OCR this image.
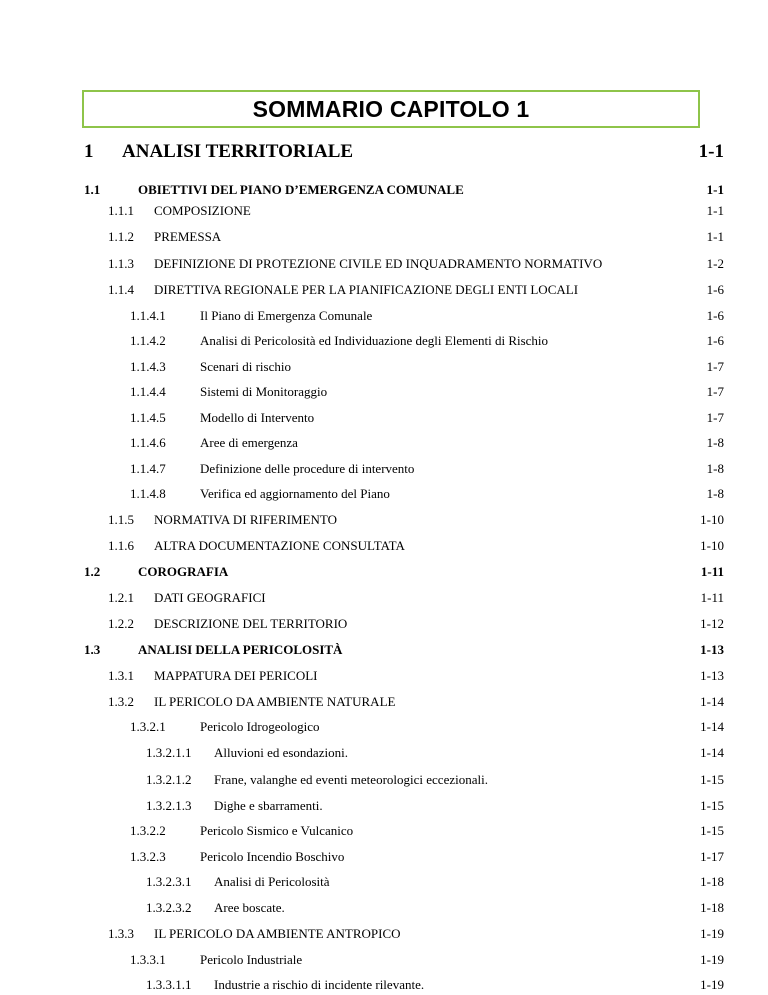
SOMMARIO CAPITOLO 1
1 ANALISI TERRITORIALE	1-1
1.1	OBIETTIVI DEL PIANO D’EMERGENZA COMUNALE	1-1
1.1.1 COMPOSIZIONE	1-1
1.1.2 PREMESSA	1-1
1.1.3 DEFINIZIONE DI PROTEZIONE CIVILE ED INQUADRAMENTO NORMATIVO	1-2
1.1.4 DIRETTIVA REGIONALE PER LA PIANIFICAZIONE DEGLI ENTI LOCALI	1-6
1.1.4.1	Il Piano di Emergenza Comunale	1-6
1.1.4.2	Analisi di Pericolosità ed Individuazione degli Elementi di Rischio	1-6
1.1.4.3	Scenari di rischio	1-7
1.1.4.4	Sistemi di Monitoraggio	1-7
1.1.4.5	Modello di Intervento	1-7
1.1.4.6	Aree di emergenza	1-8
1.1.4.7	Definizione delle procedure di intervento	1-8
1.1.4.8	Verifica ed aggiornamento del Piano	1-8
1.1.5 NORMATIVA DI RIFERIMENTO	1-10
1.1.6 ALTRA DOCUMENTAZIONE CONSULTATA	1-10
1.2	COROGRAFIA	1-11
1.2.1 DATI GEOGRAFICI	1-11
1.2.2 DESCRIZIONE DEL TERRITORIO	1-12
1.3	ANALISI DELLA PERICOLOSITÀ	1-13
1.3.1 MAPPATURA DEI PERICOLI	1-13
1.3.2 IL PERICOLO DA AMBIENTE NATURALE	1-14
1.3.2.1	Pericolo Idrogeologico	1-14
1.3.2.1.1 Alluvioni ed esondazioni.	1-14
1.3.2.1.2 Frane, valanghe ed eventi meteorologici eccezionali.	1-15
1.3.2.1.3 Dighe e sbarramenti.	1-15
1.3.2.2	Pericolo Sismico e Vulcanico	1-15
1.3.2.3	Pericolo Incendio Boschivo	1-17
1.3.2.3.1 Analisi di Pericolosità	1-18
1.3.2.3.2 Aree boscate.	1-18
1.3.3 IL PERICOLO DA AMBIENTE ANTROPICO	1-19
1.3.3.1	Pericolo Industriale	1-19
1.3.3.1.1 Industrie a rischio di incidente rilevante.	1-19
